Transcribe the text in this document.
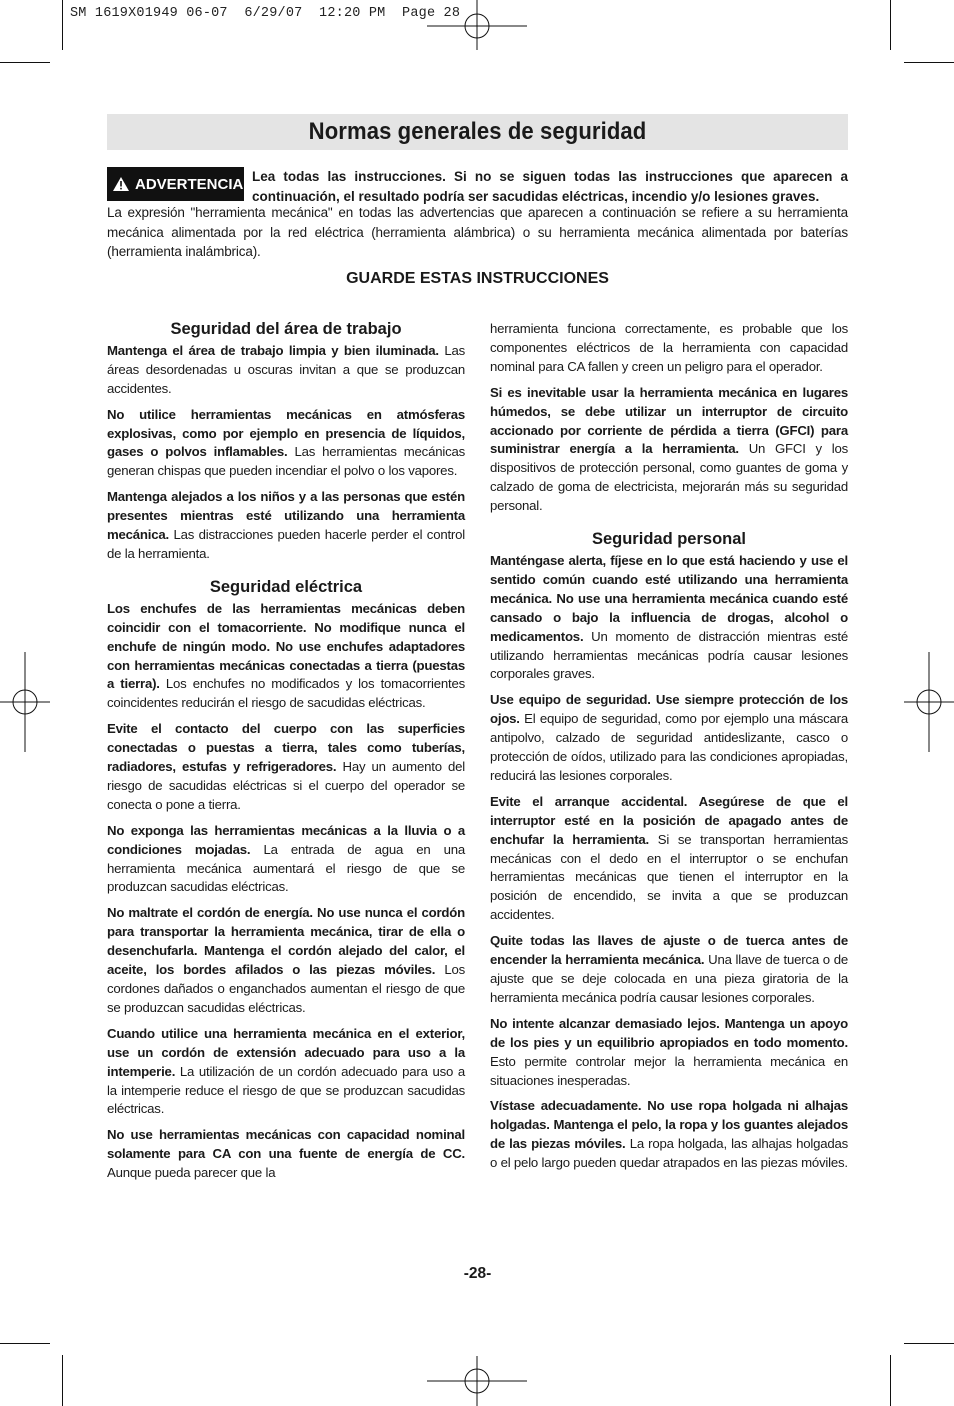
SM 1619X01949 06-07  6/29/07  12:20 PM  Page 28
Normas generales de seguridad
ADVERTENCIA Lea todas las instrucciones. Si no se siguen todas las instrucciones que aparecen a
continuación, el resultado podría ser sacudidas eléctricas, incendio y/o lesiones graves.
La expresión "herramienta mecánica" en todas las advertencias que aparecen a continuación se refiere a su herramienta mecánica alimentada por la red eléctrica (herramienta alámbrica) o su herramienta mecánica alimentada por baterías (herramienta inalámbrica).
GUARDE ESTAS INSTRUCCIONES
Seguridad del área de trabajo

Mantenga el área de trabajo limpia y bien iluminada. Las áreas desordenadas u oscuras invitan a que se produzcan accidentes.

No utilice herramientas mecánicas en atmósferas explosivas, como por ejemplo en presencia de líquidos, gases o polvos inflamables. Las herramientas mecánicas generan chispas que pueden incendiar el polvo o los vapores.

Mantenga alejados a los niños y a las personas que estén presentes mientras esté utilizando una herramienta mecánica. Las distracciones pueden hacerle perder el control de la herramienta.

Seguridad eléctrica

Los enchufes de las herramientas mecánicas deben coincidir con el tomacorriente. No modifique nunca el enchufe de ningún modo. No use enchufes adaptadores con herramientas mecánicas conectadas a tierra (puestas a tierra). Los enchufes no modificados y los tomacorrientes coincidentes reducirán el riesgo de sacudidas eléctricas.

Evite el contacto del cuerpo con las superficies conectadas o puestas a tierra, tales como tuberías, radiadores, estufas y refrigeradores. Hay un aumento del riesgo de sacudidas eléctricas si el cuerpo del operador se conecta o pone a tierra.

No exponga las herramientas mecánicas a la lluvia o a condiciones mojadas. La entrada de agua en una herramienta mecánica aumentará el riesgo de que se produzcan sacudidas eléctricas.

No maltrate el cordón de energía. No use nunca el cordón para transportar la herramienta mecánica, tirar de ella o desenchufarla. Mantenga el cordón alejado del calor, el aceite, los bordes afilados o las piezas móviles. Los cordones dañados o enganchados aumentan el riesgo de que se produzcan sacudidas eléctricas.

Cuando utilice una herramienta mecánica en el exterior, use un cordón de extensión adecuado para uso a la intemperie. La utilización de un cordón adecuado para uso a la intemperie reduce el riesgo de que se produzcan sacudidas eléctricas.

No use herramientas mecánicas con capacidad nominal solamente para CA con una fuente de energía de CC. Aunque pueda parecer que la

herramienta funciona correctamente, es probable que los componentes eléctricos de la herramienta con capacidad nominal para CA fallen y creen un peligro para el operador.

Si es inevitable usar la herramienta mecánica en lugares húmedos, se debe utilizar un interruptor de circuito accionado por corriente de pérdida a tierra (GFCI) para suministrar energía a la herramienta. Un GFCI y los dispositivos de protección personal, como guantes de goma y calzado de goma de electricista, mejorarán más su seguridad personal.

Seguridad personal

Manténgase alerta, fíjese en lo que está haciendo y use el sentido común cuando esté utilizando una herramienta mecánica. No use una herramienta mecánica cuando esté cansado o bajo la influencia de drogas, alcohol o medicamentos. Un momento de distracción mientras esté utilizando herramientas mecánicas podría causar lesiones corporales graves.

Use equipo de seguridad. Use siempre protección de los ojos. El equipo de seguridad, como por ejemplo una máscara antipolvo, calzado de seguridad antideslizante, casco o protección de oídos, utilizado para las condiciones apropiadas, reducirá las lesiones corporales.

Evite el arranque accidental. Asegúrese de que el interruptor esté en la posición de apagado antes de enchufar la herramienta. Si se transportan herramientas mecánicas con el dedo en el interruptor o se enchufan herramientas mecánicas que tienen el interruptor en la posición de encendido, se invita a que se produzcan accidentes.

Quite todas las llaves de ajuste o de tuerca antes de encender la herramienta mecánica. Una llave de tuerca o de ajuste que se deje colocada en una pieza giratoria de la herramienta mecánica podría causar lesiones corporales.

No intente alcanzar demasiado lejos. Mantenga un apoyo de los pies y un equilibrio apropiados en todo momento. Esto permite controlar mejor la herramienta mecánica en situaciones inesperadas.

Vístase adecuadamente. No use ropa holgada ni alhajas holgadas. Mantenga el pelo, la ropa y los guantes alejados de las piezas móviles. La ropa holgada, las alhajas holgadas o el pelo largo pueden quedar atrapados en las piezas móviles.

-28-
